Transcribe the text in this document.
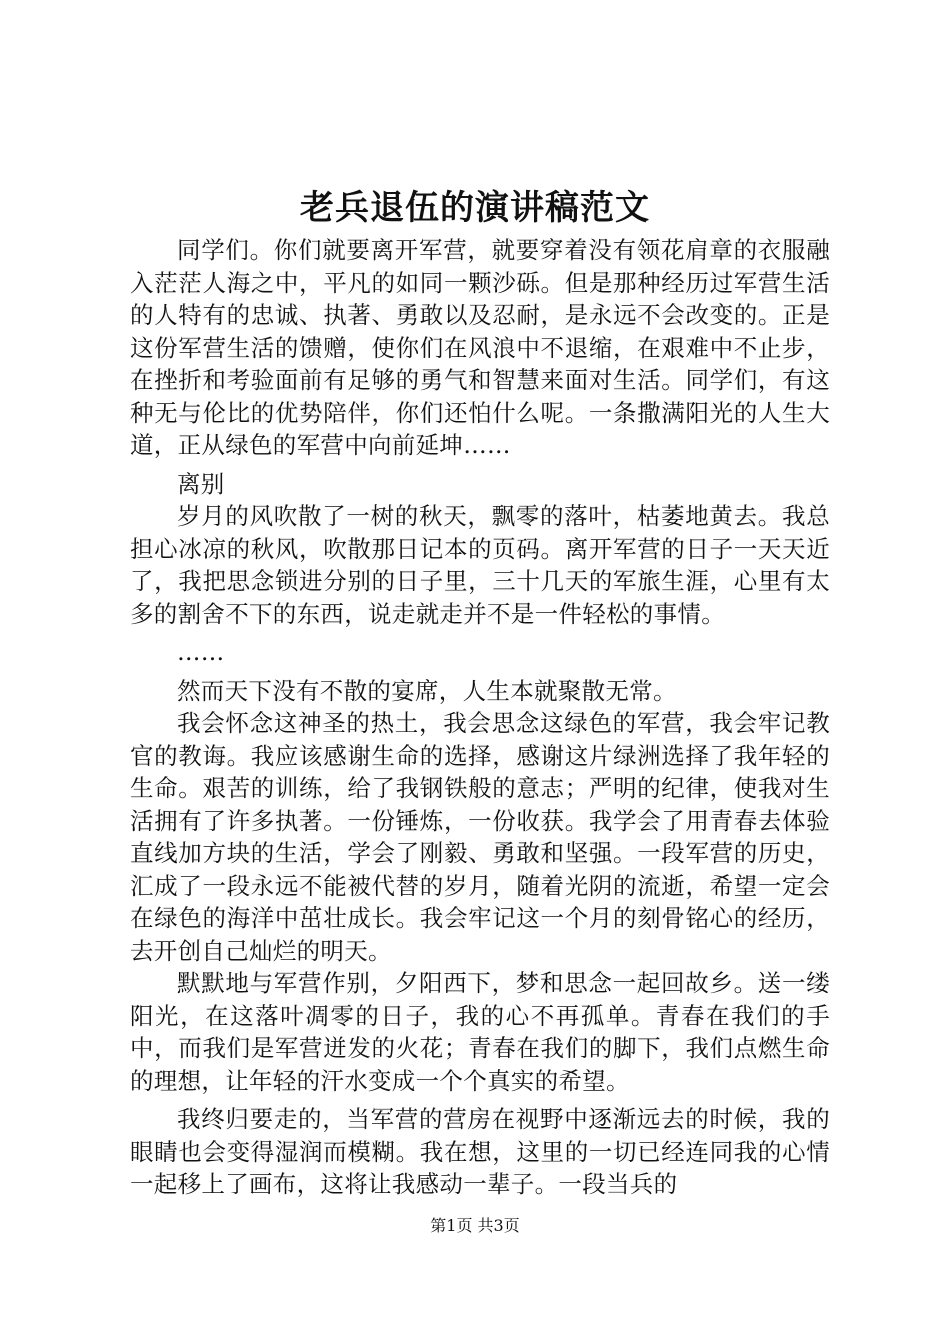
老兵退伍的演讲稿范文

同学们。你们就要离开军营，就要穿着没有领花肩章的衣服融入茫茫人海之中，平凡的如同一颗沙砾。但是那种经历过军营生活的人特有的忠诚、执著、勇敢以及忍耐，是永远不会改变的。正是这份军营生活的馈赠，使你们在风浪中不退缩，在艰难中不止步，在挫折和考验面前有足够的勇气和智慧来面对生活。同学们，有这种无与伦比的优势陪伴，你们还怕什么呢。一条撒满阳光的人生大道，正从绿色的军营中向前延坤……

离别

岁月的风吹散了一树的秋天，飘零的落叶，枯萎地黄去。我总担心冰凉的秋风，吹散那日记本的页码。离开军营的日子一天天近了，我把思念锁进分别的日子里，三十几天的军旅生涯，心里有太多的割舍不下的东西，说走就走并不是一件轻松的事情。

……

然而天下没有不散的宴席，人生本就聚散无常。

我会怀念这神圣的热土，我会思念这绿色的军营，我会牢记教官的教诲。我应该感谢生命的选择，感谢这片绿洲选择了我年轻的生命。艰苦的训练，给了我钢铁般的意志；严明的纪律，使我对生活拥有了许多执著。一份锤炼，一份收获。我学会了用青春去体验直线加方块的生活，学会了刚毅、勇敢和坚强。一段军营的历史，汇成了一段永远不能被代替的岁月，随着光阴的流逝，希望一定会在绿色的海洋中茁壮成长。我会牢记这一个月的刻骨铭心的经历，去开创自己灿烂的明天。

默默地与军营作别，夕阳西下，梦和思念一起回故乡。送一缕阳光，在这落叶凋零的日子，我的心不再孤单。青春在我们的手中，而我们是军营迸发的火花；青春在我们的脚下，我们点燃生命的理想，让年轻的汗水变成一个个真实的希望。

我终归要走的，当军营的营房在视野中逐渐远去的时候，我的眼睛也会变得湿润而模糊。我在想，这里的一切已经连同我的心情一起移上了画布，这将让我感动一辈子。一段当兵的

第1页 共3页
